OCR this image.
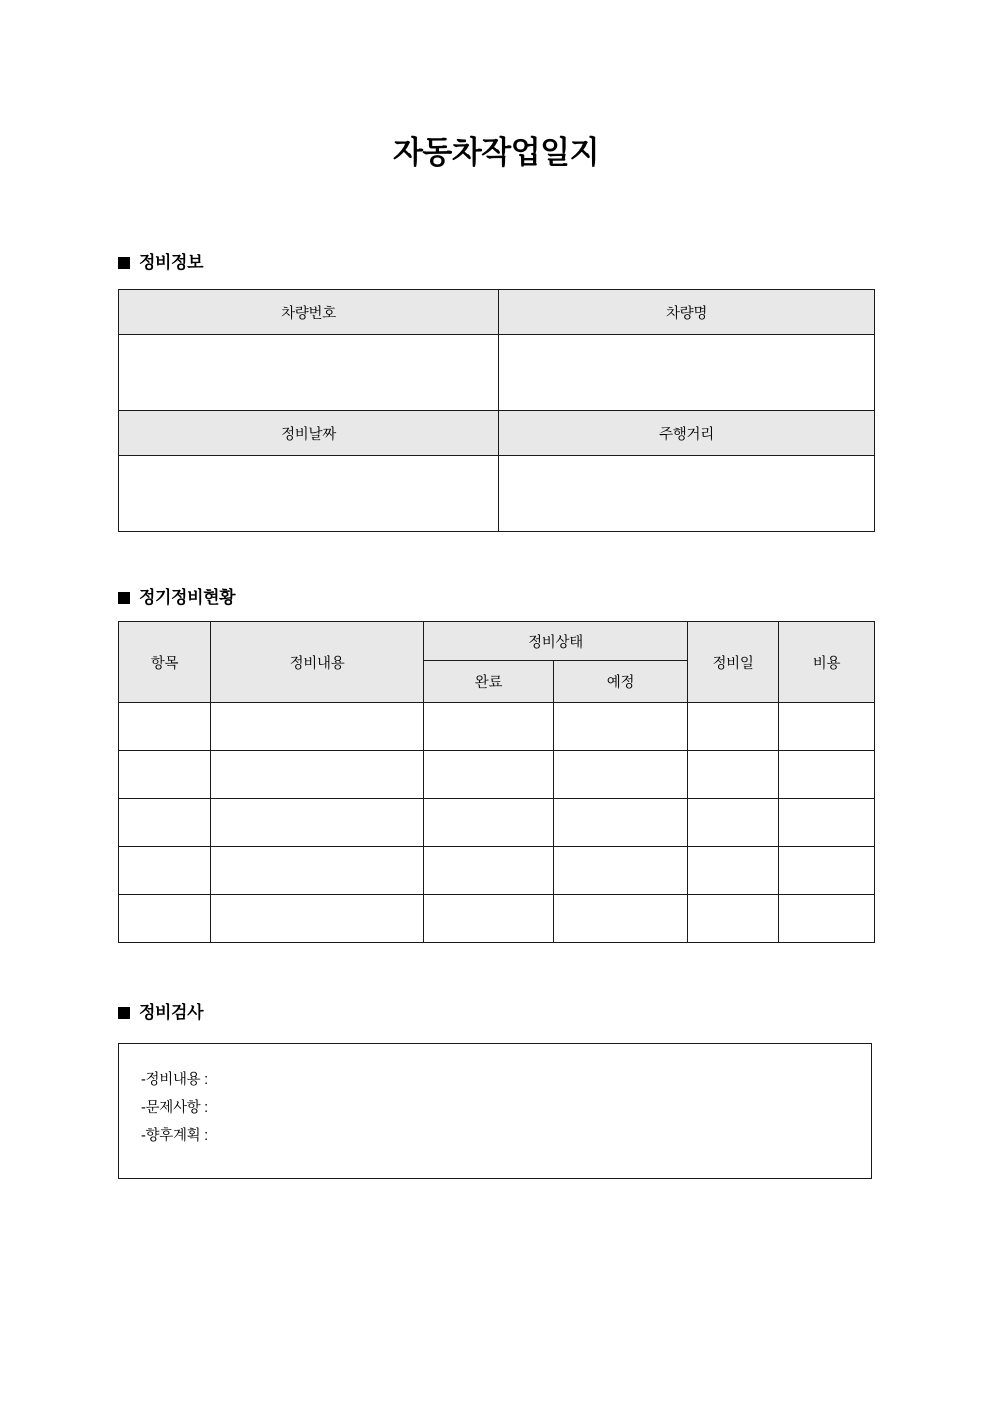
자동차작업일지
정비정보
차량번호	차량명

정비날짜	주행거리

정기정비현황
항목	정비내용	정비상태		정비일	비용
		완료	예정		

정비검사
-정비내용 :
-문제사항 :
-향후계획 :
